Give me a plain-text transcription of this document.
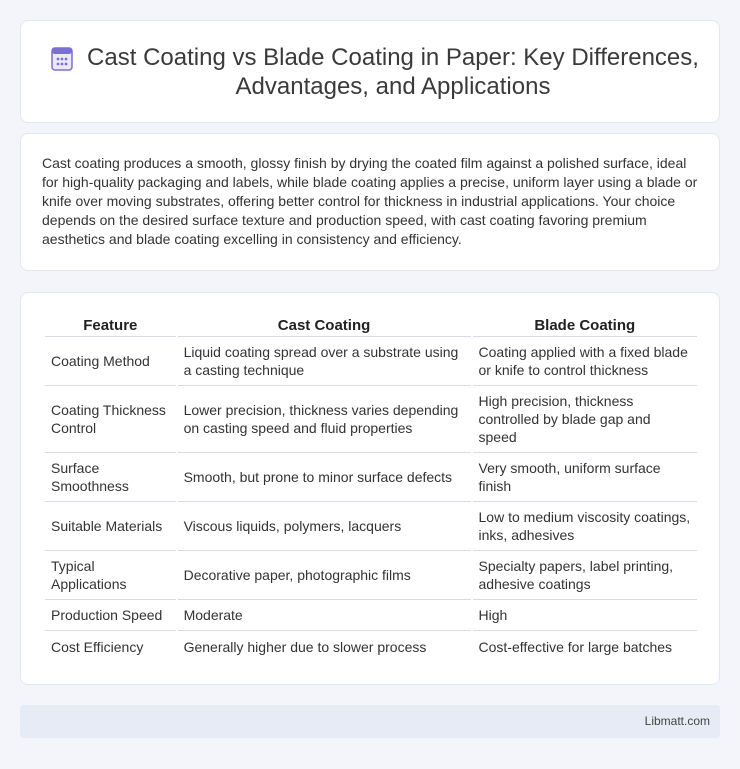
Cast Coating vs Blade Coating in Paper: Key Differences, Advantages, and Applications

Cast coating produces a smooth, glossy finish by drying the coated film against a polished surface, ideal for high-quality packaging and labels, while blade coating applies a precise, uniform layer using a blade or knife over moving substrates, offering better control for thickness in industrial applications. Your choice depends on the desired surface texture and production speed, with cast coating favoring premium aesthetics and blade coating excelling in consistency and efficiency.

Feature	Cast Coating	Blade Coating
Coating Method	Liquid coating spread over a substrate using a casting technique	Coating applied with a fixed blade or knife to control thickness
Coating Thickness Control	Lower precision, thickness varies depending on casting speed and fluid properties	High precision, thickness controlled by blade gap and speed
Surface Smoothness	Smooth, but prone to minor surface defects	Very smooth, uniform surface finish
Suitable Materials	Viscous liquids, polymers, lacquers	Low to medium viscosity coatings, inks, adhesives
Typical Applications	Decorative paper, photographic films	Specialty papers, label printing, adhesive coatings
Production Speed	Moderate	High
Cost Efficiency	Generally higher due to slower process	Cost-effective for large batches
Libmatt.com
